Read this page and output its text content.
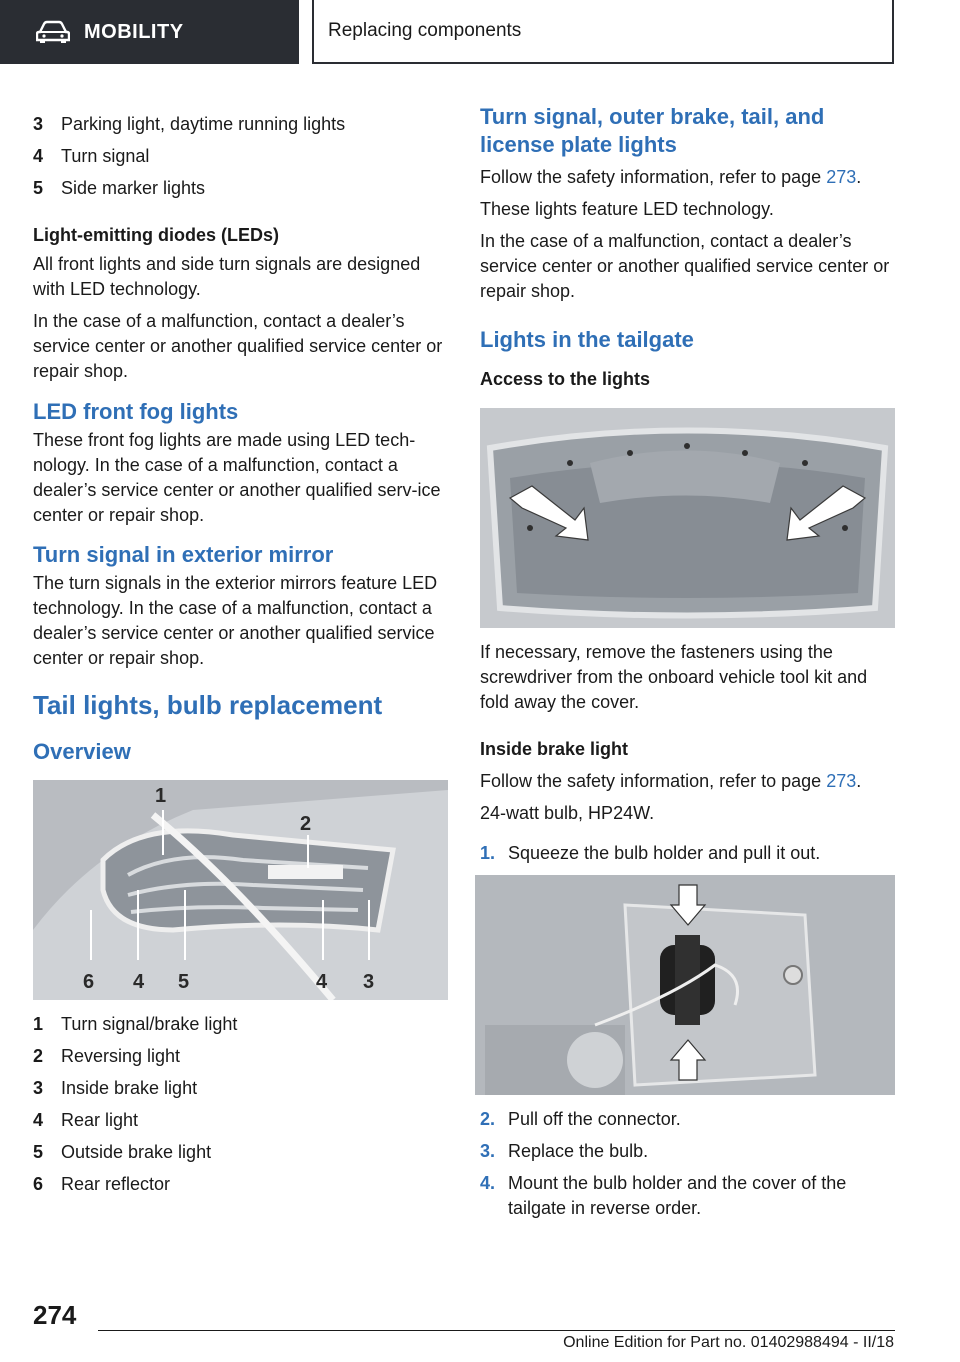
MOBILITY	Replacing components
3 Parking light, daytime running lights
4 Turn signal
5 Side marker lights
Light-emitting diodes (LEDs)

All front lights and side turn signals are designed with LED technology.

In the case of a malfunction, contact a dealer’s service center or another qualified service center or repair shop.

LED front fog lights

These front fog lights are made using LED tech-nology. In the case of a malfunction, contact a dealer’s service center or another qualified serv-ice center or repair shop.

Turn signal in exterior mirror

The turn signals in the exterior mirrors feature LED technology. In the case of a malfunction, contact a dealer’s service center or another qualified service center or repair shop.

Tail lights, bulb replacement
Overview
1
2
6 4 5	4 3
1 Turn signal/brake light
2 Reversing light
3 Inside brake light
4 Rear light
5 Outside brake light
6 Rear reflector
Turn signal, outer brake, tail, and license plate lights

Follow the safety information, refer to page 273.

These lights feature LED technology.

In the case of a malfunction, contact a dealer’s service center or another qualified service center or repair shop.

Lights in the tailgate
Access to the lights

If necessary, remove the fasteners using the screwdriver from the onboard vehicle tool kit and fold away the cover.

Inside brake light

Follow the safety information, refer to page 273.

24-watt bulb, HP24W.

1. Squeeze the bulb holder and pull it out.
2. Pull off the connector.
3. Replace the bulb.
4. Mount the bulb holder and the cover of the tailgate in reverse order.
274
Online Edition for Part no. 01402988494 - II/18
